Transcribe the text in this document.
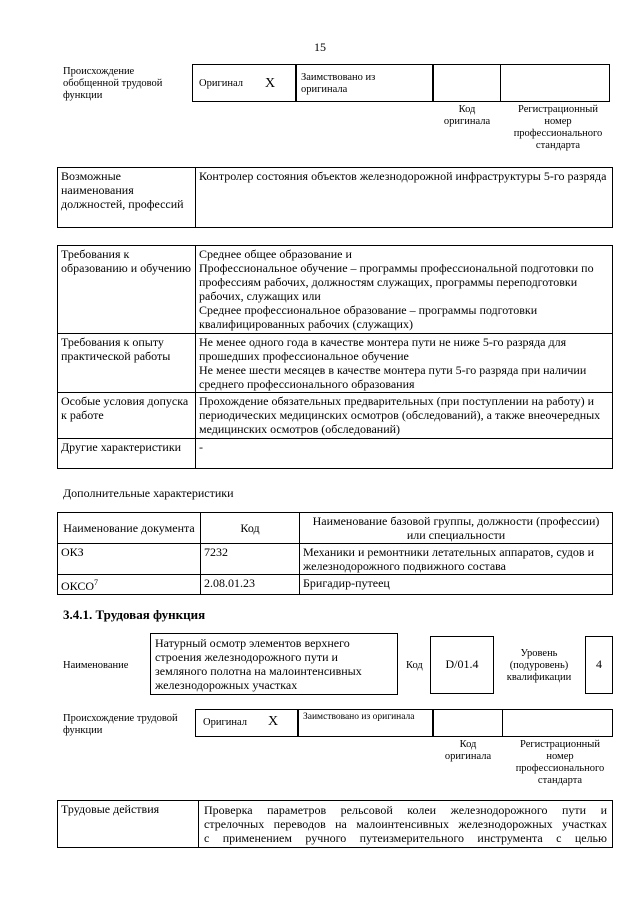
15
Происхождение обобщенной трудовой функции
Оригинал X Заимствовано из оригинала
Код оригинала
Регистрационный номер профессионального стандарта
Возможные наименования должностей, профессий	Контролер состояния объектов железнодорожной инфраструктуры 5-го разряда
Требования к образованию и обучению	Среднее общее образование и
Профессиональное обучение – программы профессиональной подготовки по профессиям рабочих, должностям служащих, программы переподготовки рабочих, служащих или
Среднее профессиональное образование – программы подготовки квалифицированных рабочих (служащих)

Требования к опыту практической работы	Не менее одного года в качестве монтера пути не ниже 5-го разряда для прошедших профессиональное обучение
Не менее шести месяцев в качестве монтера пути 5-го разряда при наличии среднего профессионального образования

Особые условия допуска к работе	Прохождение обязательных предварительных (при поступлении на работу) и периодических медицинских осмотров (обследований), а также внеочередных медицинских осмотров (обследований)
Другие характеристики	-
Дополнительные характеристики
Наименование документа	Код	Наименование базовой группы, должности (профессии) или специальности
ОКЗ	7232	Механики и ремонтники летательных аппаратов, судов и железнодорожного подвижного состава
ОКСО$^7$	2.08.01.23	Бригадир-путеец
3.4.1. Трудовая функция
Наименование
Натурный осмотр элементов верхнего строения железнодорожного пути и земляного полотна на малоинтенсивных железнодорожных участках
Код	D/01.4
Уровень (подуровень) квалификации
4
Происхождение трудовой функции
Оригинал X	Заимствовано из оригинала
Код оригинала
Регистрационный номер профессионального стандарта
Трудовые действия	Проверка параметров рельсовой колеи железнодорожного пути и
стрелочных переводов на малоинтенсивных железнодорожных участках
с применением ручного путеизмерительного инструмента с целью
